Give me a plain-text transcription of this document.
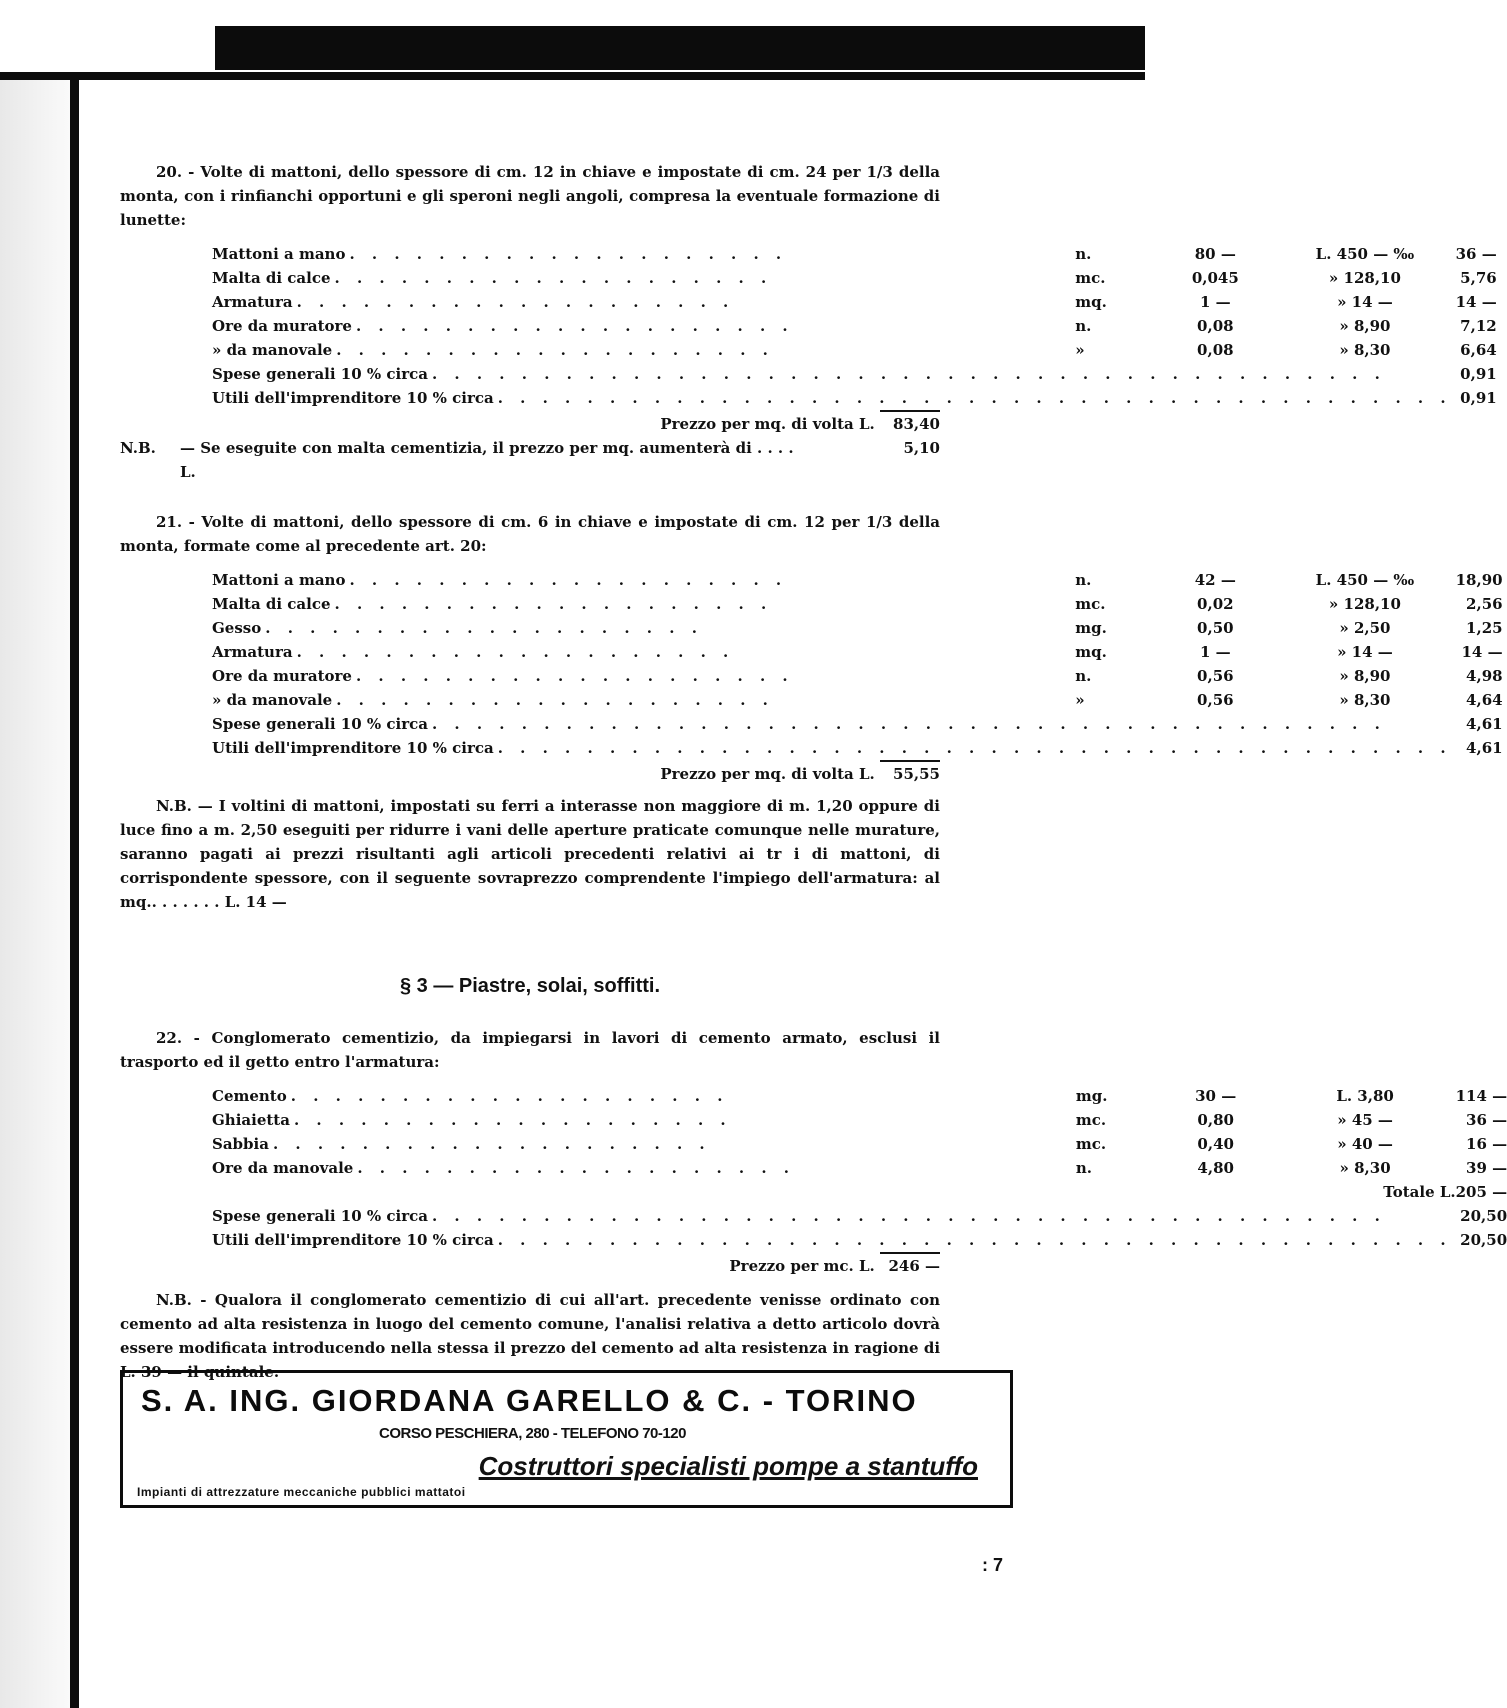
20. - Volte di mattoni, dello spessore di cm. 12 in chiave e impostate di cm. 24 per 1/3 della monta, con i rinfianchi opportuni e gli speroni negli angoli, compresa la eventuale formazione di lunette:

Mattoni a mano . . . . . . . . . . . . . . . . . . . .	n.	80 —	L. 450 — ‰	36 —

Malta di calce . . . . . . . . . . . . . . . . . . . .	mc.	0,045	» 128,10	5,76

Armatura . . . . . . . . . . . . . . . . . . . .	mq.	1 —	» 14 —	14 —

Ore da muratore . . . . . . . . . . . . . . . . . . . .	n.	0,08	» 8,90	7,12

» da manovale . . . . . . . . . . . . . . . . . . . .	»	0,08	» 8,30	6,64

Spese generali 10 % circa . . . . . . . . . . . . . . . . . . . . . . . . . . . . . . . . . . . . . . . . . . .				0,91

Utili dell'imprenditore 10 % circa . . . . . . . . . . . . . . . . . . . . . . . . . . . . . . . . . . . . . . . . . . .				0,91
Prezzo per mq. di volta L. 83,40
N.B.	— Se eseguite con malta cementizia, il prezzo per mq. aumenterà di . . . . L.
5,10

21. - Volte di mattoni, dello spessore di cm. 6 in chiave e impostate di cm. 12 per 1/3 della monta, formate come al precedente art. 20:

Mattoni a mano . . . . . . . . . . . . . . . . . . . .	n.	42 —	L. 450 — ‰	18,90

Malta di calce . . . . . . . . . . . . . . . . . . . .	mc.	0,02	» 128,10	2,56

Gesso . . . . . . . . . . . . . . . . . . . .	mg.	0,50	» 2,50	1,25

Armatura . . . . . . . . . . . . . . . . . . . .	mq.	1 —	» 14 —	14 —

Ore da muratore . . . . . . . . . . . . . . . . . . . .	n.	0,56	» 8,90	4,98

» da manovale . . . . . . . . . . . . . . . . . . . .	»	0,56	» 8,30	4,64

Spese generali 10 % circa . . . . . . . . . . . . . . . . . . . . . . . . . . . . . . . . . . . . . . . . . . .				4,61

Utili dell'imprenditore 10 % circa . . . . . . . . . . . . . . . . . . . . . . . . . . . . . . . . . . . . . . . . . . .				4,61
Prezzo per mq. di volta L. 55,55

N.B. — I voltini di mattoni, impostati su ferri a interasse non maggiore di m. 1,20 oppure di luce fino a m. 2,50 eseguiti per ridurre i vani delle aperture praticate comunque nelle murature, saranno pagati ai prezzi risultanti agli articoli precedenti relativi ai tr i di mattoni, di corrispondente spessore, con il seguente sovraprezzo comprendente l'impiego dell'armatura: al mq.. . . . . . . L. 14 —

§ 3 — Piastre, solai, soffitti.

22. - Conglomerato cementizio, da impiegarsi in lavori di cemento armato, esclusi il trasporto ed il getto entro l'armatura:

Cemento . . . . . . . . . . . . . . . . . . . .	mg.	30 —	L. 3,80	114 —

Ghiaietta . . . . . . . . . . . . . . . . . . . .	mc.	0,80	» 45 —	36 —

Sabbia . . . . . . . . . . . . . . . . . . . .	mc.	0,40	» 40 —	16 —

Ore da manovale . . . . . . . . . . . . . . . . . . . .	n.	4,80	» 8,30	39 —
Totale L.				205 —

Spese generali 10 % circa . . . . . . . . . . . . . . . . . . . . . . . . . . . . . . . . . . . . . . . . . . .				20,50

Utili dell'imprenditore 10 % circa . . . . . . . . . . . . . . . . . . . . . . . . . . . . . . . . . . . . . . . . . . .				20,50
Prezzo per mc. L. 246 —

N.B. - Qualora il conglomerato cementizio di cui all'art. precedente venisse ordinato con cemento ad alta resistenza in luogo del cemento comune, l'analisi relativa a detto articolo dovrà essere modificata introducendo nella stessa il prezzo del cemento ad alta resistenza in ragione di L. 39 — il quintale.

S. A. ING. GIORDANA GARELLO & C. - TORINO
CORSO PESCHIERA, 280 - TELEFONO 70-120
Costruttori specialisti pompe a stantuffo
Impianti di attrezzature meccaniche pubblici mattatoi
: 7
